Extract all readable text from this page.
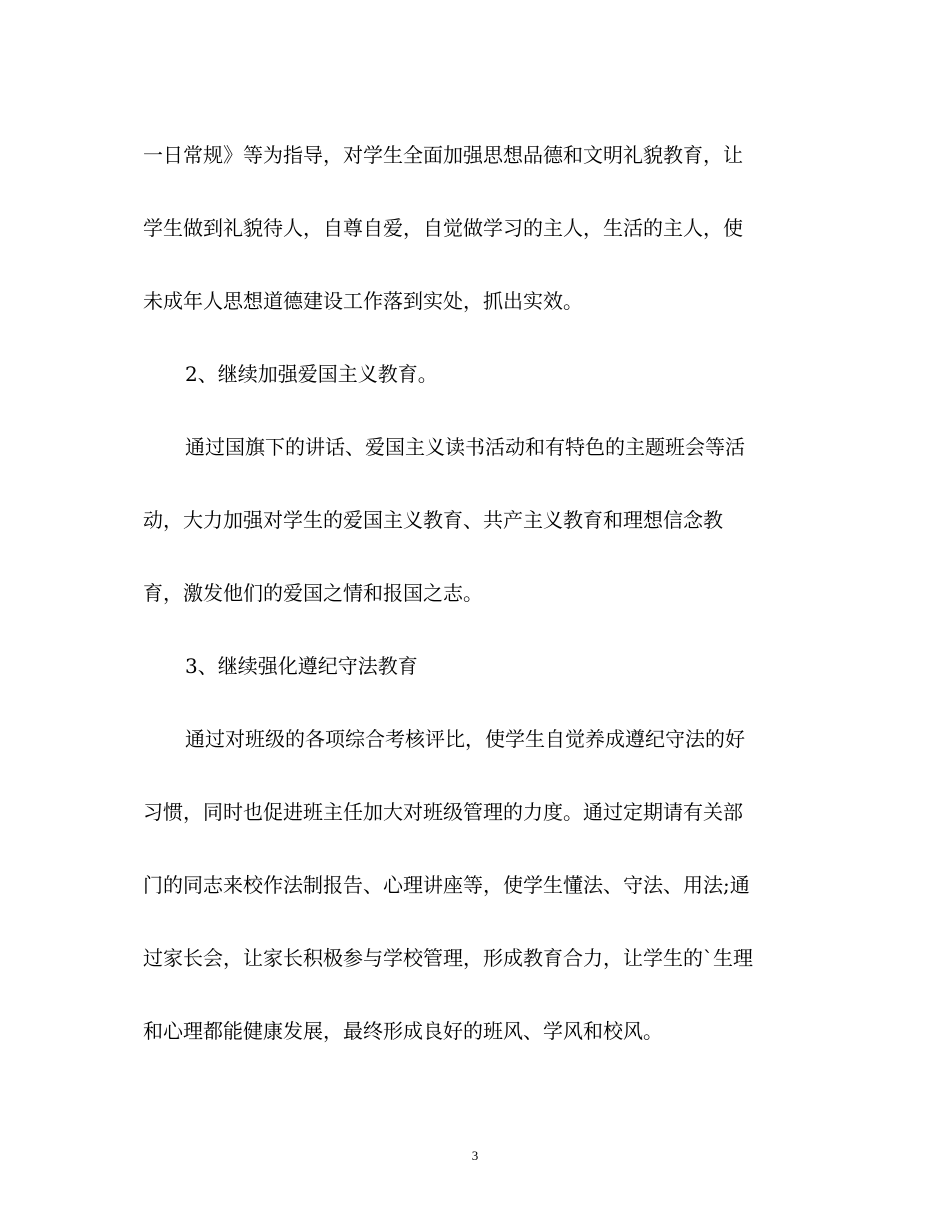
一日常规》等为指导，对学生全面加强思想品德和文明礼貌教育，让
学生做到礼貌待人，自尊自爱，自觉做学习的主人，生活的主人，使
未成年人思想道德建设工作落到实处，抓出实效。
2、继续加强爱国主义教育。
通过国旗下的讲话、爱国主义读书活动和有特色的主题班会等活
动，大力加强对学生的爱国主义教育、共产主义教育和理想信念教
育，激发他们的爱国之情和报国之志。
3、继续强化遵纪守法教育
通过对班级的各项综合考核评比，使学生自觉养成遵纪守法的好
习惯，同时也促进班主任加大对班级管理的力度。通过定期请有关部
门的同志来校作法制报告、心理讲座等，使学生懂法、守法、用法;通
过家长会，让家长积极参与学校管理，形成教育合力，让学生的`生理
和心理都能健康发展，最终形成良好的班风、学风和校风。
3
